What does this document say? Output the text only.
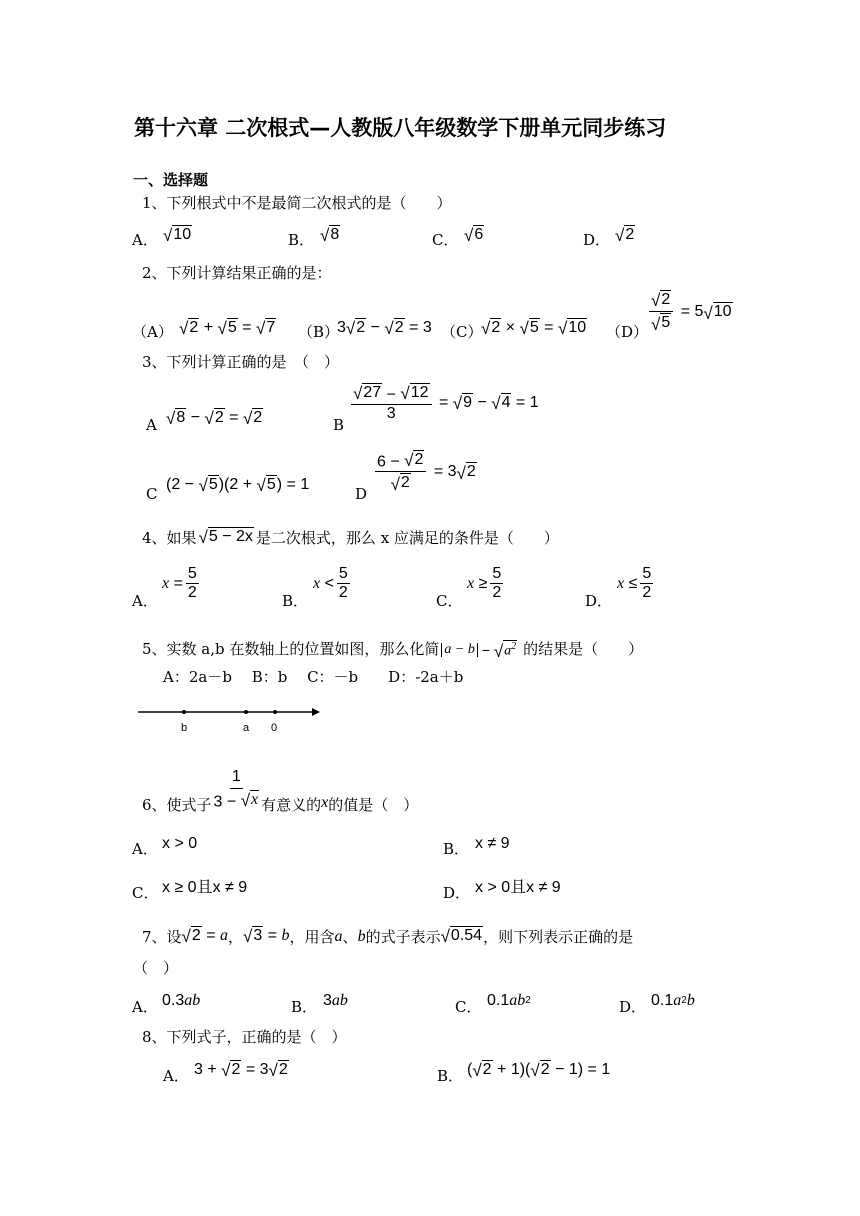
第十六章 二次根式—人教版八年级数学下册单元同步练习
一、选择题
1、下列根式中不是最简二次根式的是（　　）
A． √ 10	B． √ 8	C． √ 6	D． √ 2
2、下列计算结果正确的是：
（A） √ 2 + √ 5 = √ 7 （B）
3 √ 2 − √ 2 = 3 （C）
√ 2 × √ 5 = √ 10 $(D) \frac{√ 2}{√ 5} = 5$ √ 10
3、下列计算正确的是　（　）
A √ 8 − √ 2 = √ 2	B
$\frac{√ 27 - √ 12}{3}$ = √ 9 − √ 4 = 1
C
(2 − √ 5 )(2 + √ 5 ) = 1
D
$\frac{6 - √ 2}{√ 2} = 3$ √ 2
4、如果 √ 5 − 2x 是二次根式，那么 x 应满足的条件是（　　）
A．
x
= $\frac{5}{2}$	B．
x
< $\frac{5}{2}$	C．
x
≥ $\frac{5}{2}$	D．
x
≤ $\frac{5}{2}$
5、实数 a,b 在数轴上的位置如图，那么化简 a − b − √ $a^2$ 的结果是（　　）
A：2a－b　 B：b　 C：－b　　D：-2a＋b
b	a 0
6、使式子 $\frac{1}{3 - √ x}$ 有意义的 x 的值是（　）
A． x > 0	B． x ≠ 9
C． x ≥ 0且x ≠ 9	D． x > 0且x ≠ 9
7、设 √ 2 = a ， √ 3 = b ，用含 a 、 b 的式子表示 √ 0.54 ，则下列表示正确的是
（　）
A． 0.3 ab	B． 3 ab	C． 0.1 ab 2	D． 0.1 a 2 b
8、下列式子，正确的是（　）
A． 3 + √ 2 = 3 √ 2	B． ( √ 2 + 1)( √ 2 − 1) = 1
